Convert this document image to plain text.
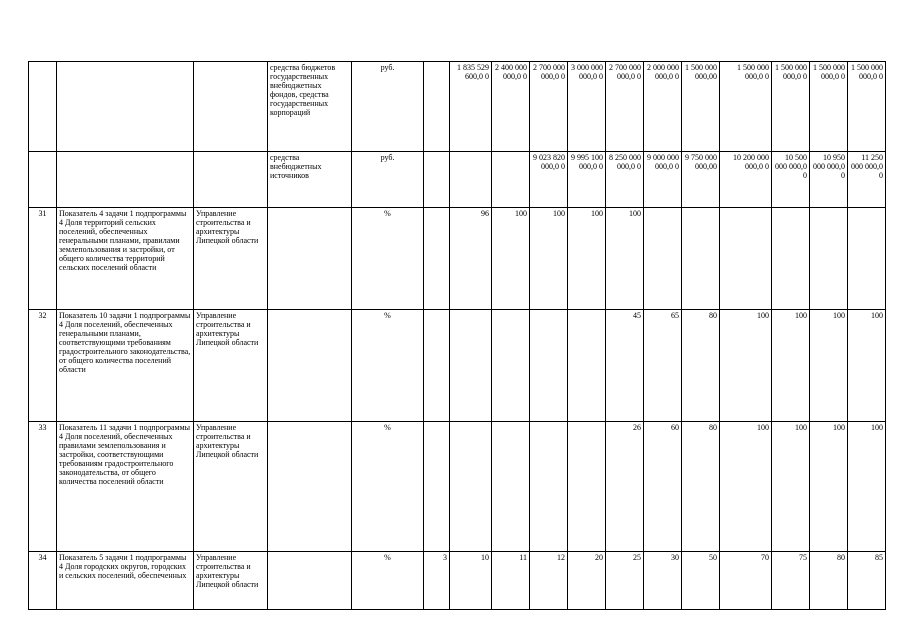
			средства бюджетов государственных внебюджетных фондов, средства государственных корпораций	руб.		1 835 529 600,0 0	2 400 000 000,0 0	2 700 000 000,0 0	3 000 000 000,0 0	2 700 000 000,0 0	2 000 000 000,0 0	1 500 000 000,00	1 500 000 000,0 0	1 500 000 000,0 0	1 500 000 000,0 0	1 500 000 000,0 0
			средства внебюджетных источников	руб.				9 023 820 000,0 0	9 995 100 000,0 0	8 250 000 000,0 0	9 000 000 000,0 0	9 750 000 000,00	10 200 000 000,0 0	10 500 000 000,0 0	10 950 000 000,0 0	11 250 000 000,0 0
31	Показатель 4 задачи 1 подпрограммы 4 Доля территорий сельских поселений, обеспеченных генеральными планами, правилами землепользования и застройки, от общего количества территорий сельских поселений области	Управление строительства и архитектуры Липецкой области		%		96	100	100	100	100						
32	Показатель 10 задачи 1 подпрограммы 4 Доля поселений, обеспеченных генеральными планами, соответствующими требованиям градостроительного законодательства, от общего количества поселений области	Управление строительства и архитектуры Липецкой области		%						45	65	80	100	100	100	100
33	Показатель 11 задачи 1 подпрограммы 4 Доля поселений, обеспеченных правилами землепользования и застройки, соответствующими требованиям градостроительного законодательства, от общего количества поселений области	Управление строительства и архитектуры Липецкой области		%						26	60	80	100	100	100	100
34	Показатель 5 задачи 1 подпрограммы 4 Доля городских округов, городских и сельских поселений, обеспеченных	Управление строительства и архитектуры Липецкой области		%	3	10	11	12	20	25	30	50	70	75	80	85
